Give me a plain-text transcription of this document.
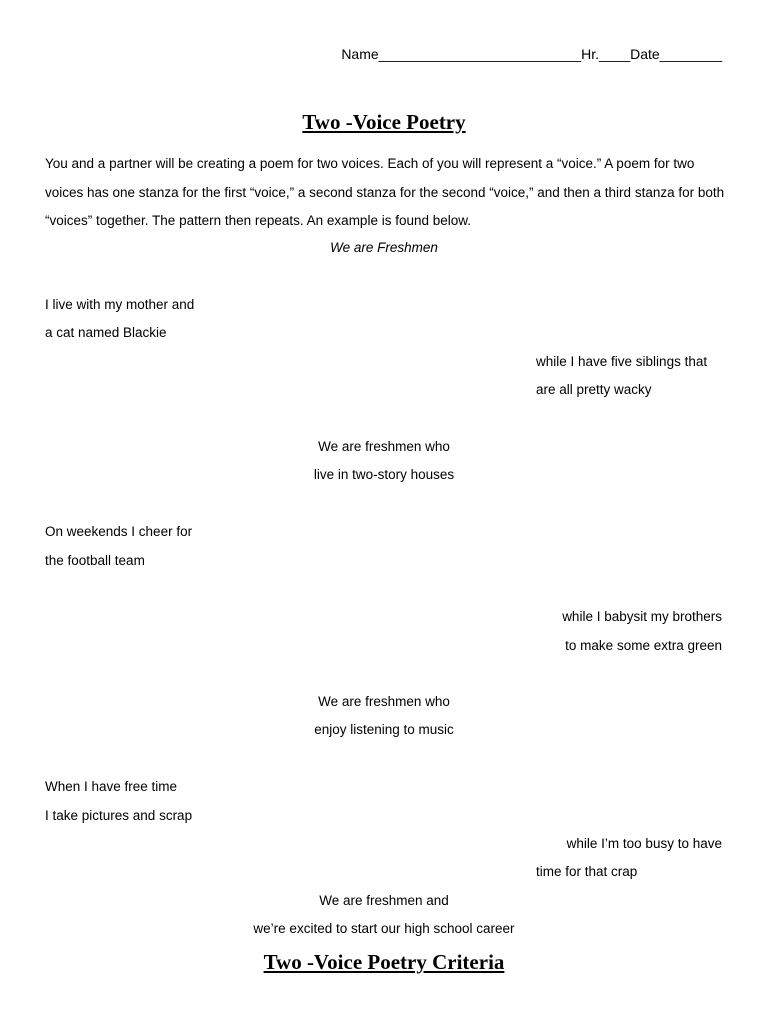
Name__________________________Hr.____Date________
Two -Voice Poetry
You and a partner will be creating a poem for two voices. Each of you will represent a “voice.” A poem for two voices has one stanza for the first “voice,” a second stanza for the second “voice,” and then a third stanza for both “voices” together. The pattern then repeats. An example is found below.
We are Freshmen
I live with my mother and
a cat named Blackie
while I have five siblings that
are all pretty wacky
We are freshmen who
live in two-story houses
On weekends I cheer for
the football team
while I babysit my brothers
to make some extra green
We are freshmen who
enjoy listening to music
When I have free time
I take pictures and scrap
while I’m too busy to have
time for that crap
We are freshmen and
we’re excited to start our high school career
Two -Voice Poetry Criteria
